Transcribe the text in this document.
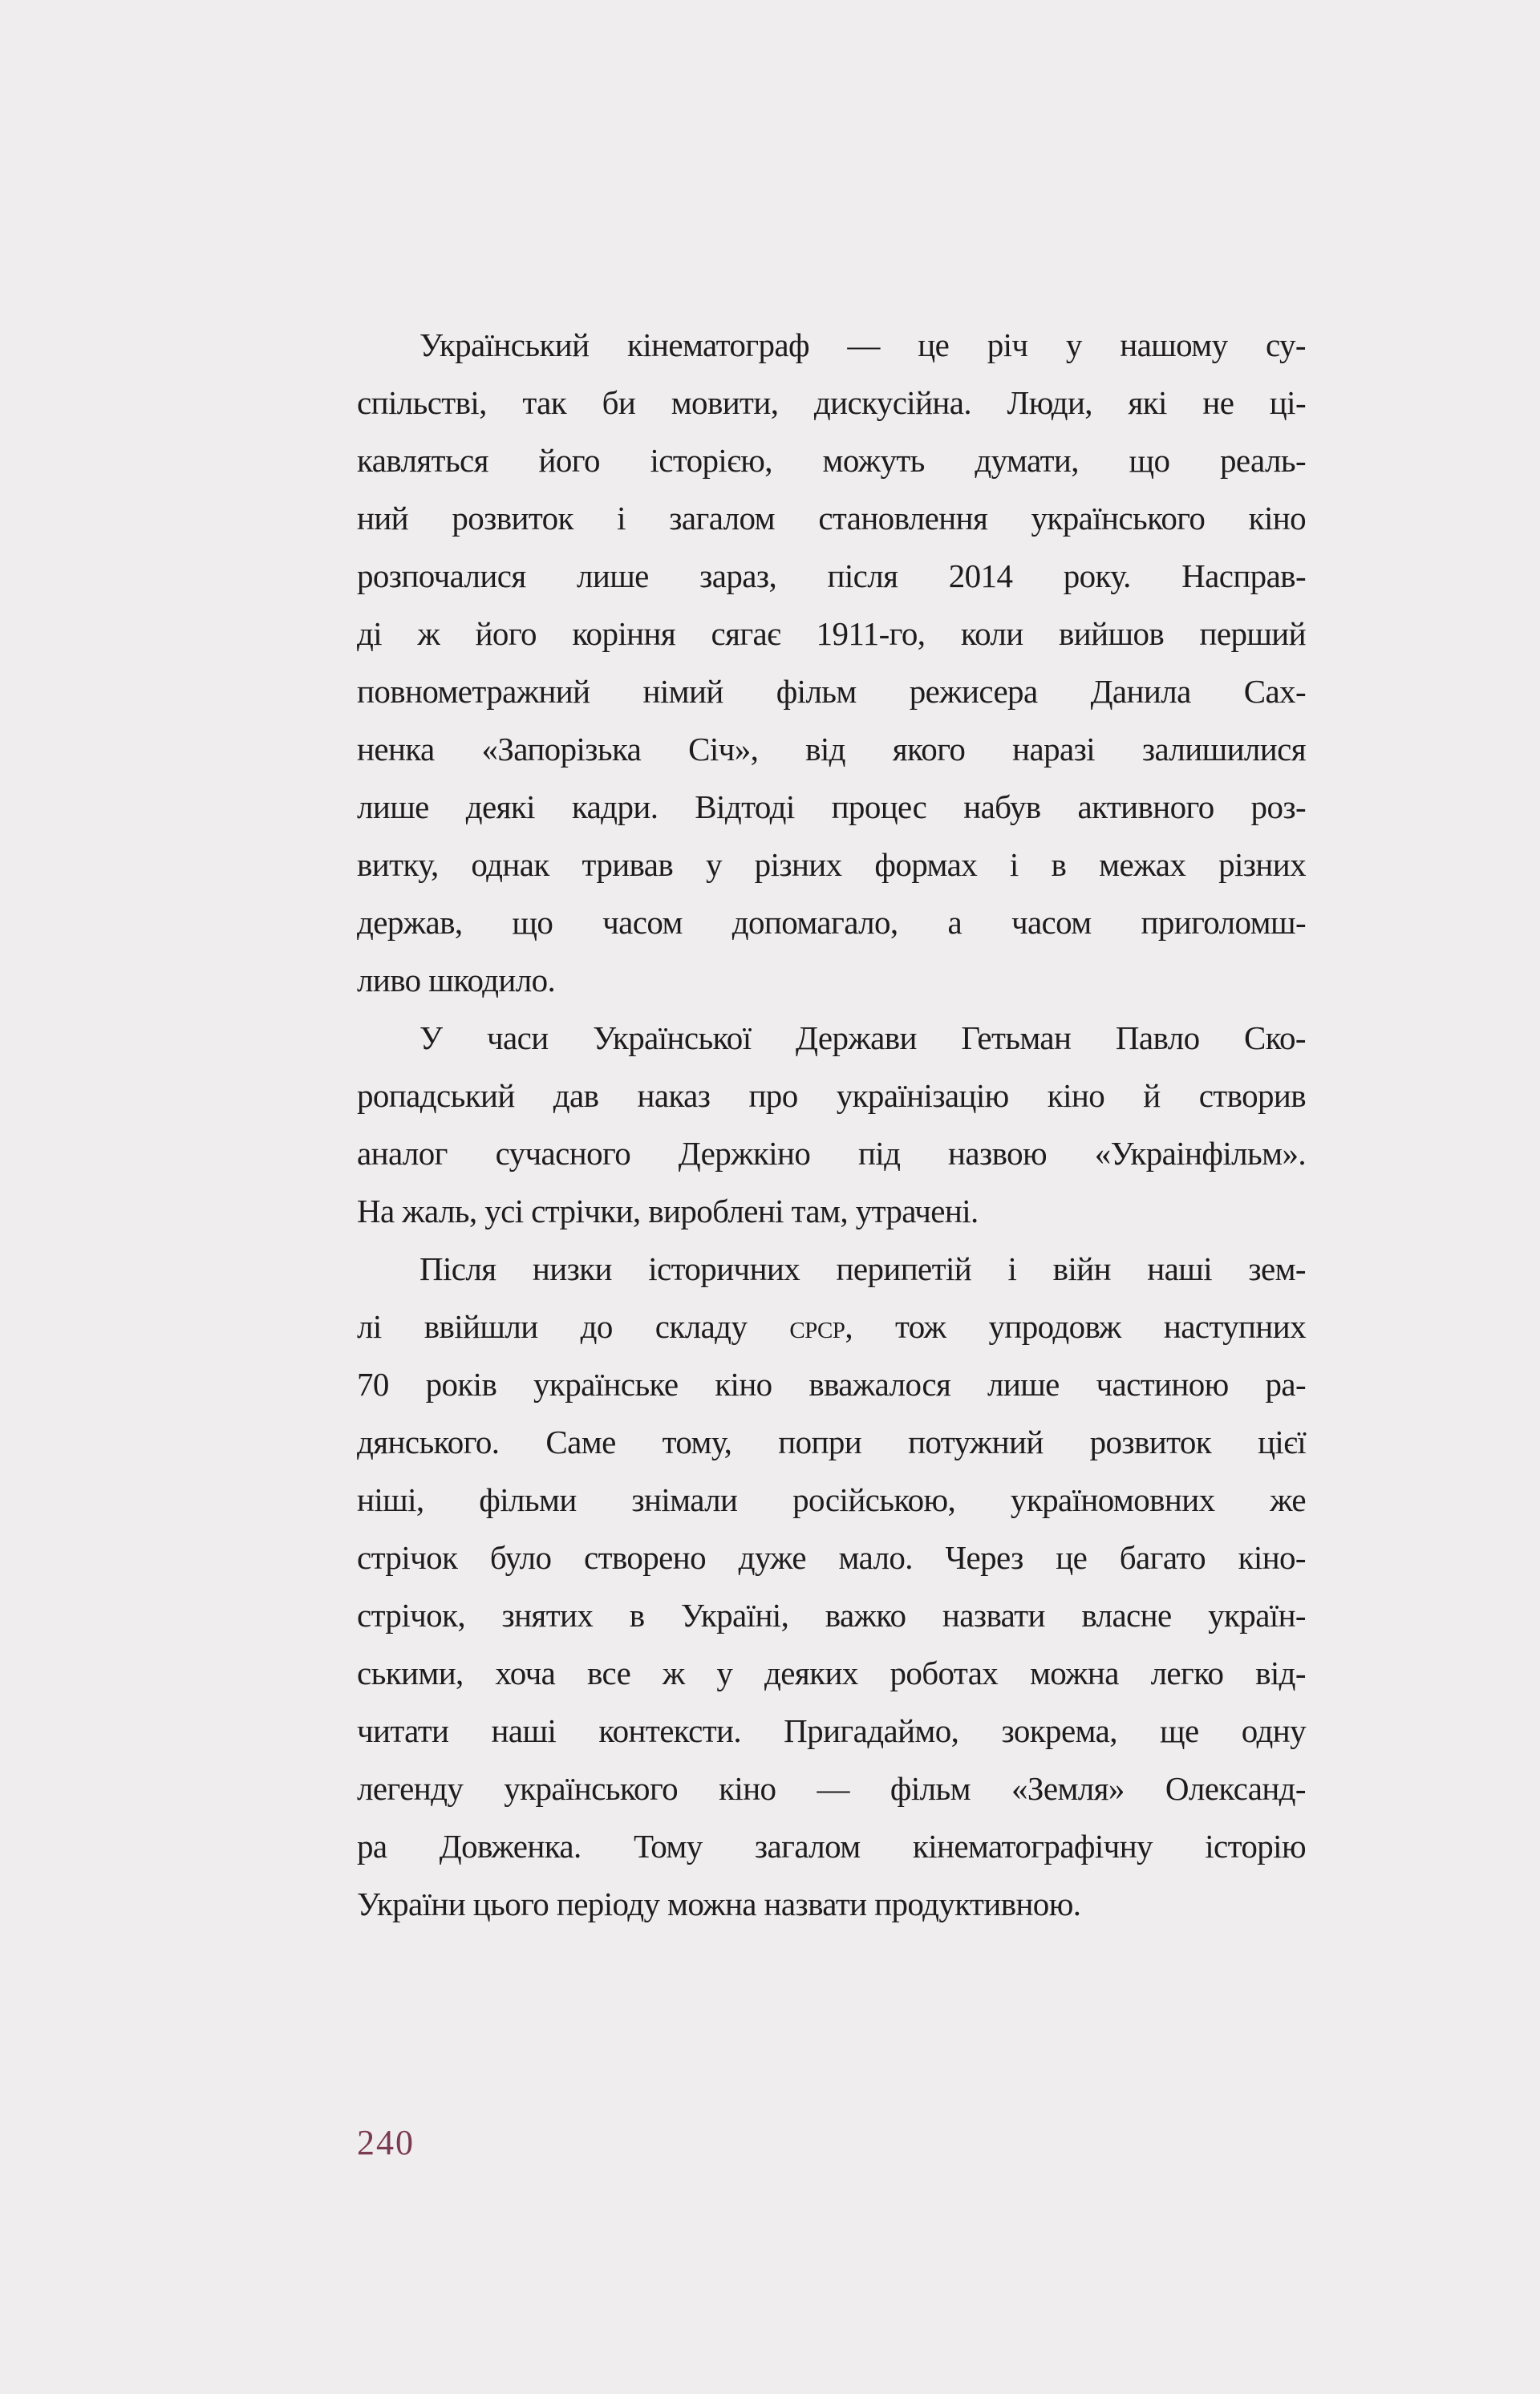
Український кінематограф — це річ у нашому су-
спільстві, так би мовити, дискусійна. Люди, які не ці-
кавляться його історією, можуть думати, що реаль-
ний розвиток і загалом становлення українського кіно
розпочалися лише зараз, після 2014 року. Насправ-
ді ж його коріння сягає 1911-го, коли вийшов перший
повнометражний німий фільм режисера Данила Сах-
ненка «Запорізька Січ», від якого наразі залишилися
лише деякі кадри. Відтоді процес набув активного роз-
витку, однак тривав у різних формах і в межах різних
держав, що часом допомагало, а часом приголомш-
ливо шкодило.
У часи Української Держави Гетьман Павло Ско-
ропадський дав наказ про українізацію кіно й створив
аналог сучасного Держкіно під назвою «Украінфільм».
На жаль, усі стрічки, вироблені там, утрачені.
Після низки історичних перипетій і війн наші зем-
лі ввійшли до складу срср, тож упродовж наступних
70 років українське кіно вважалося лише частиною ра-
дянського. Саме тому, попри потужний розвиток цієї
ніші, фільми знімали російською, україномовних же
стрічок було створено дуже мало. Через це багато кіно-
стрічок, знятих в Україні, важко назвати власне україн-
ськими, хоча все ж у деяких роботах можна легко від-
читати наші контексти. Пригадаймо, зокрема, ще одну
легенду українського кіно — фільм «Земля» Олександ-
ра Довженка. Тому загалом кінематографічну історію
України цього періоду можна назвати продуктивною.
240
